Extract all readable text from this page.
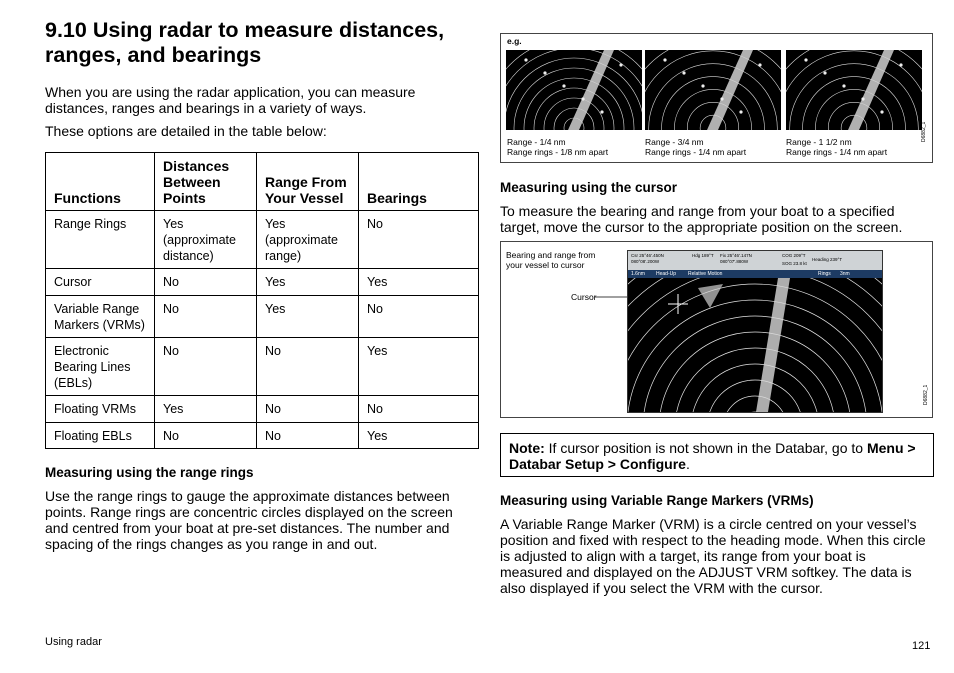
9.10 Using radar to measure distances, ranges, and bearings

When you are using the radar application, you can measure distances, ranges and bearings in a variety of ways.

These options are detailed in the table below:

Functions	Distances Between Points	Range From Your Vessel	Bearings
Range Rings	Yes (approximate distance)	Yes (approximate range)	No
Cursor	No	Yes	Yes
Variable Range Markers (VRMs)	No	Yes	No
Electronic Bearing Lines (EBLs)	No	No	Yes
Floating VRMs	Yes	No	No
Floating EBLs	No	No	Yes
Measuring using the range rings

Use the range rings to gauge the approximate distances between points. Range rings are concentric circles displayed on the screen and centred from your boat at pre-set distances. The number and spacing of the rings changes as you range in and out.

e.g.
Range - 1/4 nm
Range rings - 1/8 nm apart
Range - 3/4 nm
Range rings - 1/4 nm apart
Range - 1 1/2 nm
Range rings - 1/4 nm apart
D6882_1
Measuring using the cursor

To measure the bearing and range from your boat to a specified target, move the cursor to the appropriate position on the screen.

Bearing and range from your vessel to cursor
Cursor
Csr 25°46'.450N 080°08'.200W
Hdg 189°T	Fix 25°46'.147N 080°07'.880W
COG 209°T
SOG 23.8 kt
Heading 239°T
1.6nm Head-Up Relative Motion	Rings 3nm
D6882_1
Note: If cursor position is not shown in the Databar, go to Menu > Databar Setup > Configure.
Measuring using Variable Range Markers (VRMs)

A Variable Range Marker (VRM) is a circle centred on your vessel’s position and fixed with respect to the heading mode. When this circle is adjusted to align with a target, its range from your boat is measured and displayed on the ADJUST VRM softkey. The data is also displayed if you select the VRM with the cursor.

Using radar	121
